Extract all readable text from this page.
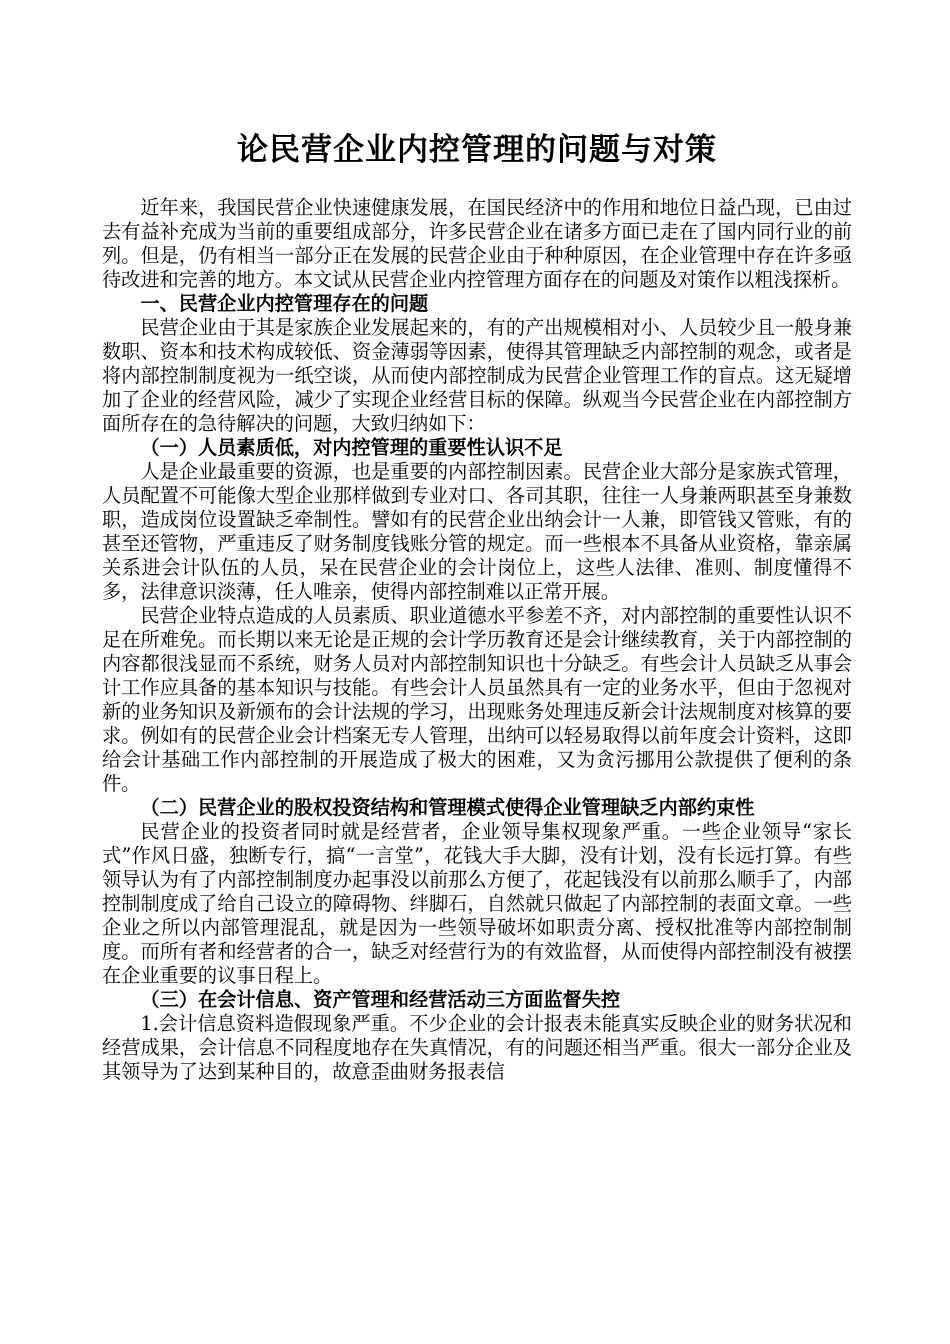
论民营企业内控管理的问题与对策

近年来，我国民营企业快速健康发展，在国民经济中的作用和地位日益凸现，已由过去有益补充成为当前的重要组成部分，许多民营企业在诸多方面已走在了国内同行业的前列。但是，仍有相当一部分正在发展的民营企业由于种种原因，在企业管理中存在许多亟待改进和完善的地方。本文试从民营企业内控管理方面存在的问题及对策作以粗浅探析。

一、民营企业内控管理存在的问题

民营企业由于其是家族企业发展起来的，有的产出规模相对小、人员较少且一般身兼数职、资本和技术构成较低、资金薄弱等因素，使得其管理缺乏内部控制的观念，或者是将内部控制制度视为一纸空谈，从而使内部控制成为民营企业管理工作的盲点。这无疑增加了企业的经营风险，减少了实现企业经营目标的保障。纵观当今民营企业在内部控制方面所存在的急待解决的问题，大致归纳如下：

（一）人员素质低，对内控管理的重要性认识不足

人是企业最重要的资源，也是重要的内部控制因素。民营企业大部分是家族式管理，人员配置不可能像大型企业那样做到专业对口、各司其职，往往一人身兼两职甚至身兼数职，造成岗位设置缺乏牵制性。譬如有的民营企业出纳会计一人兼，即管钱又管账，有的甚至还管物，严重违反了财务制度钱账分管的规定。而一些根本不具备从业资格，靠亲属关系进会计队伍的人员，呆在民营企业的会计岗位上，这些人法律、准则、制度懂得不多，法律意识淡薄，任人唯亲，使得内部控制难以正常开展。

民营企业特点造成的人员素质、职业道德水平参差不齐，对内部控制的重要性认识不足在所难免。而长期以来无论是正规的会计学历教育还是会计继续教育，关于内部控制的内容都很浅显而不系统，财务人员对内部控制知识也十分缺乏。有些会计人员缺乏从事会计工作应具备的基本知识与技能。有些会计人员虽然具有一定的业务水平，但由于忽视对新的业务知识及新颁布的会计法规的学习，出现账务处理违反新会计法规制度对核算的要求。例如有的民营企业会计档案无专人管理，出纳可以轻易取得以前年度会计资料，这即给会计基础工作内部控制的开展造成了极大的困难，又为贪污挪用公款提供了便利的条件。

（二）民营企业的股权投资结构和管理模式使得企业管理缺乏内部约束性

民营企业的投资者同时就是经营者，企业领导集权现象严重。一些企业领导“家长式”作风日盛，独断专行，搞“一言堂”，花钱大手大脚，没有计划，没有长远打算。有些领导认为有了内部控制制度办起事没以前那么方便了，花起钱没有以前那么顺手了，内部控制制度成了给自己设立的障碍物、绊脚石，自然就只做起了内部控制的表面文章。一些企业之所以内部管理混乱，就是因为一些领导破坏如职责分离、授权批准等内部控制制度。而所有者和经营者的合一，缺乏对经营行为的有效监督，从而使得内部控制没有被摆在企业重要的议事日程上。

（三）在会计信息、资产管理和经营活动三方面监督失控

1.会计信息资料造假现象严重。不少企业的会计报表未能真实反映企业的财务状况和经营成果，会计信息不同程度地存在失真情况，有的问题还相当严重。很大一部分企业及其领导为了达到某种目的，故意歪曲财务报表信
